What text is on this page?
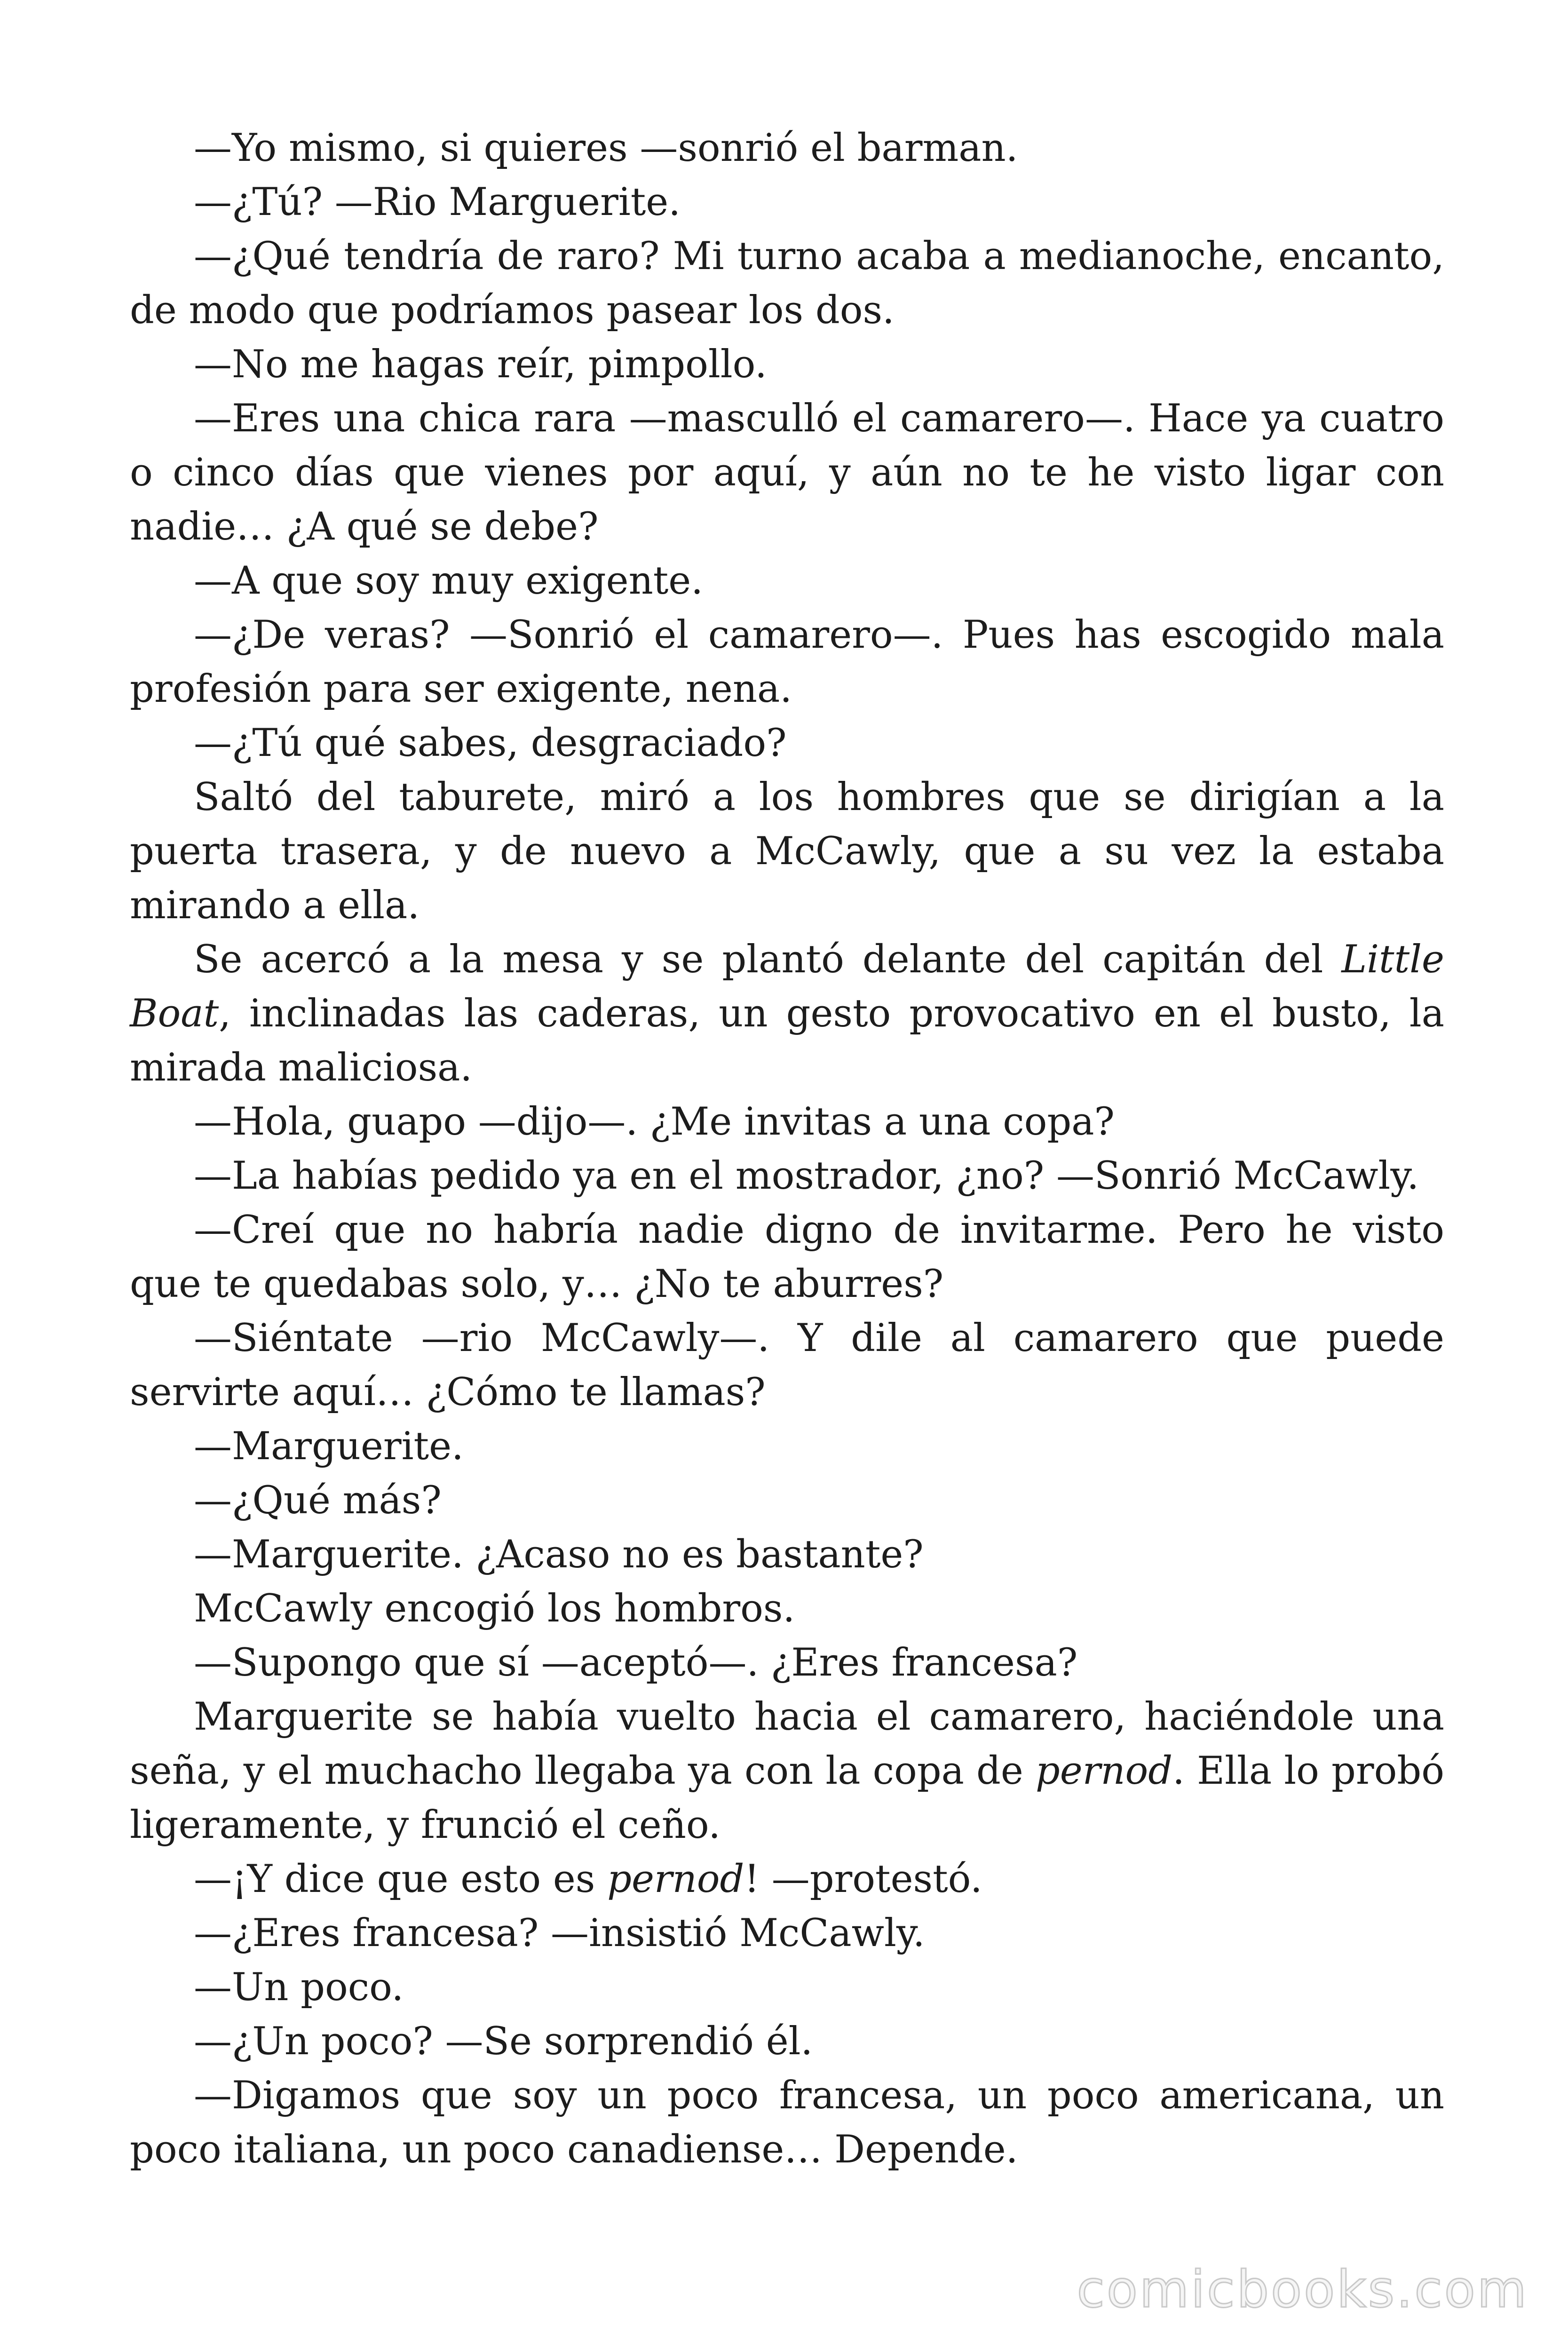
—Yo mismo, si quieres —sonrió el barman.

—¿Tú? —Rio Marguerite.

—¿Qué tendría de raro? Mi turno acaba a medianoche, encanto, de modo que podríamos pasear los dos.

—No me hagas reír, pimpollo.

—Eres una chica rara —masculló el camarero—. Hace ya cuatro o cinco días que vienes por aquí, y aún no te he visto ligar con nadie… ¿A qué se debe?

—A que soy muy exigente.

—¿De veras? —Sonrió el camarero—. Pues has escogido mala profesión para ser exigente, nena.

—¿Tú qué sabes, desgraciado?

Saltó del taburete, miró a los hombres que se dirigían a la puerta trasera, y de nuevo a McCawly, que a su vez la estaba mirando a ella.

Se acercó a la mesa y se plantó delante del capitán del Little Boat, inclinadas las caderas, un gesto provocativo en el busto, la mirada maliciosa.

—Hola, guapo —dijo—. ¿Me invitas a una copa?

—La habías pedido ya en el mostrador, ¿no? —Sonrió McCawly.

—Creí que no habría nadie digno de invitarme. Pero he visto que te quedabas solo, y… ¿No te aburres?

—Siéntate —rio McCawly—. Y dile al camarero que puede servirte aquí… ¿Cómo te llamas?

—Marguerite.

—¿Qué más?

—Marguerite. ¿Acaso no es bastante?

McCawly encogió los hombros.

—Supongo que sí —aceptó—. ¿Eres francesa?

Marguerite se había vuelto hacia el camarero, haciéndole una seña, y el muchacho llegaba ya con la copa de pernod. Ella lo probó ligeramente, y frunció el ceño.

—¡Y dice que esto es pernod! —protestó.

—¿Eres francesa? —insistió McCawly.

—Un poco.

—¿Un poco? —Se sorprendió él.

—Digamos que soy un poco francesa, un poco americana, un poco italiana, un poco canadiense… Depende.

comicbooks.com
